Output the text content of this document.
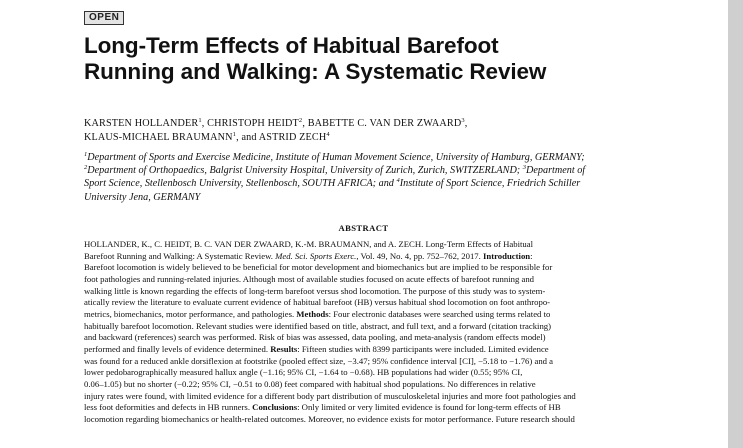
OPEN
Long-Term Effects of Habitual Barefoot
Running and Walking: A Systematic Review
KARSTEN HOLLANDER$^1$, CHRISTOPH HEIDT$^2$, BABETTE C. VAN DER ZWAARD$^3$,
KLAUS-MICHAEL BRAUMANN$^1$, and ASTRID ZECH$^4$
$^1$Department of Sports and Exercise Medicine, Institute of Human Movement Science, University of Hamburg, GERMANY;
$^2$Department of Orthopaedics, Balgrist University Hospital, University of Zurich, Zurich, SWITZERLAND; $^3$Department of
Sport Science, Stellenbosch University, Stellenbosch, SOUTH AFRICA; and $^4$Institute of Sport Science, Friedrich Schiller
University Jena, GERMANY
ABSTRACT
HOLLANDER, K., C. HEIDT, B. C. VAN DER ZWAARD, K.-M. BRAUMANN, and A. ZECH. Long-Term Effects of Habitual
Barefoot Running and Walking: A Systematic Review. Med. Sci. Sports Exerc., Vol. 49, No. 4, pp. 752–762, 2017. Introduction:
Barefoot locomotion is widely believed to be beneficial for motor development and biomechanics but are implied to be responsible for
foot pathologies and running-related injuries. Although most of available studies focused on acute effects of barefoot running and
walking little is known regarding the effects of long-term barefoot versus shod locomotion. The purpose of this study was to system-
atically review the literature to evaluate current evidence of habitual barefoot (HB) versus habitual shod locomotion on foot anthropo-
metrics, biomechanics, motor performance, and pathologies. Methods: Four electronic databases were searched using terms related to
habitually barefoot locomotion. Relevant studies were identified based on title, abstract, and full text, and a forward (citation tracking)
and backward (references) search was performed. Risk of bias was assessed, data pooling, and meta-analysis (random effects model)
performed and finally levels of evidence determined. Results: Fifteen studies with 8399 participants were included. Limited evidence
was found for a reduced ankle dorsiflexion at footstrike (pooled effect size, −3.47; 95% confidence interval [CI], −5.18 to −1.76) and a
lower pedobarographically measured hallux angle (−1.16; 95% CI, −1.64 to −0.68). HB populations had wider (0.55; 95% CI,
0.06–1.05) but no shorter (−0.22; 95% CI, −0.51 to 0.08) feet compared with habitual shod populations. No differences in relative
injury rates were found, with limited evidence for a different body part distribution of musculoskeletal injuries and more foot pathologies and
less foot deformities and defects in HB runners. Conclusions: Only limited or very limited evidence is found for long-term effects of HB
locomotion regarding biomechanics or health-related outcomes. Moreover, no evidence exists for motor performance. Future research should
